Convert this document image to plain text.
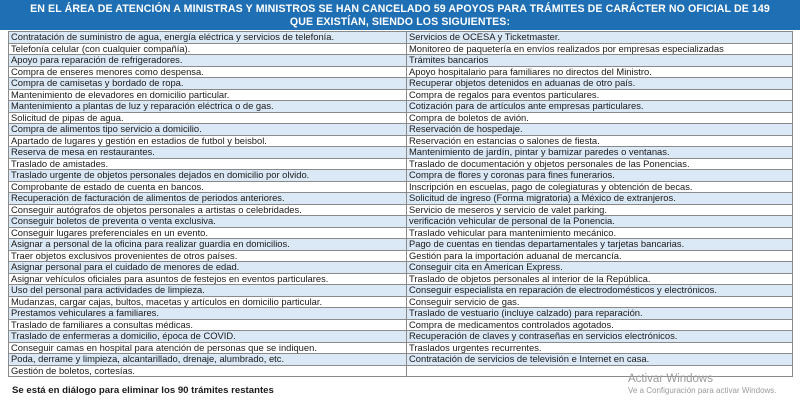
EN EL ÁREA DE ATENCIÓN A MINISTRAS Y MINISTROS SE HAN CANCELADO 59 APOYOS PARA TRÁMITES DE CARÁCTER NO OFICIAL DE 149
QUE EXISTÍAN, SIENDO LOS SIGUIENTES:
Contratación de suministro de agua, energía eléctrica y servicios de telefonía.	Servicios de OCESA y Ticketmaster.
Telefonía celular (con cualquier compañía).	Monitoreo de paquetería en envíos realizados por empresas especializadas
Apoyo para reparación de refrigeradores.	Trámites bancarios
Compra de enseres menores como despensa.	Apoyo hospitalario para familiares no directos del Ministro.
Compra de camisetas y bordado de ropa.	Recuperar objetos detenidos en aduanas de otro país.
Mantenimiento de elevadores en domicilio particular.	Compra de regalos para eventos particulares.
Mantenimiento a plantas de luz y reparación eléctrica o de gas.	Cotización para de artículos ante empresas particulares.
Solicitud de pipas de agua.	Compra de boletos de avión.
Compra de alimentos tipo servicio a domicilio.	Reservación de hospedaje.
Apartado de lugares y gestión en estadios de futbol y beisbol.	Reservación en estancias o salones de fiesta.
Reserva de mesa en restaurantes.	Mantenimiento de jardín, pintar y barnizar paredes o ventanas.
Traslado de amistades.	Traslado de documentación y objetos personales de las Ponencias.
Traslado urgente de objetos personales dejados en domicilio por olvido.	Compra de flores y coronas para fines funerarios.
Comprobante de estado de cuenta en bancos.	Inscripción en escuelas, pago de colegiaturas y obtención de becas.
Recuperación de facturación de alimentos de periodos anteriores.	Solicitud de ingreso (Forma migratoria) a México de extranjeros.
Conseguir autógrafos de objetos personales a artistas o celebridades.	Servicio de meseros y servicio de valet parking.
Conseguir boletos de preventa o venta exclusiva.	verificación vehicular de personal de la Ponencia.
Conseguir lugares preferenciales en un evento.	Traslado vehicular para mantenimiento mecánico.
Asignar a personal de la oficina para realizar guardia en domicilios.	Pago de cuentas en tiendas departamentales y tarjetas bancarias.
Traer objetos exclusivos provenientes de otros países.	Gestión para la importación aduanal de mercancía.
Asignar personal para el cuidado de menores de edad.	Conseguir cita en American Express.
Asignar vehículos oficiales para asuntos de festejos en eventos particulares.	Traslado de objetos personales al interior de la República.
Uso del personal para actividades de limpieza.	Conseguir especialista en reparación de electrodomésticos y electrónicos.
Mudanzas, cargar cajas, bultos, macetas y artículos en domicilio particular.	Conseguir servicio de gas.
Prestamos vehiculares a familiares.	Traslado de vestuario (incluye calzado) para reparación.
Traslado de familiares a consultas médicas.	Compra de medicamentos controlados agotados.
Traslado de enfermeras a domicilio, época de COVID.	Recuperación de claves y contraseñas en servicios electrónicos.
Conseguir camas en hospital para atención de personas que se indiquen.	Traslados urgentes recurrentes.
Poda, derrame y limpieza, alcantarillado, drenaje, alumbrado, etc.	Contratación de servicios de televisión e Internet en casa.
Gestión de boletos, cortesías.	
Se está en diálogo para eliminar los 90 trámites restantes
Activar Windows
Ve a Configuración para activar Windows.
